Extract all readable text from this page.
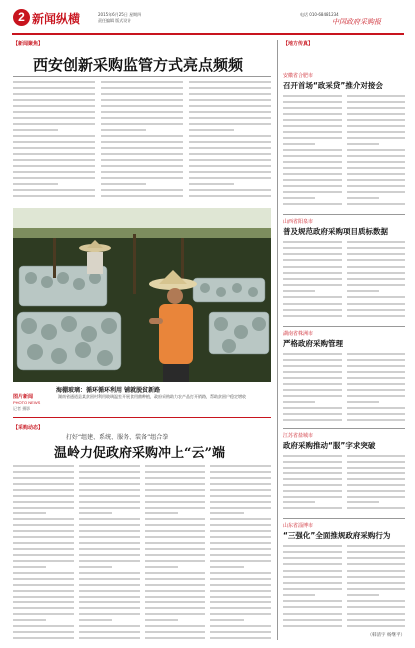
2 新闻纵横	2015年6月25日 星期四
责任编辑 版式设计
电话 010-68481234
中国政府采购报
【新闻聚焦】
西安创新采购监管方式亮点频频
海棚玻璃：循环循环利用 铺就脱贫新路
图片新闻
PHOTO NEWS
记者 摄影
湖南省通道县某贫困村利用玻璃温室开展食用菌种植，政府采购助力农产品打开销路，帮助贫困户稳定增收
【采购动态】
打好“组建、系统、服务、装备”组合拳
温岭力促政府采购冲上“云”端
【地方传真】
安徽省合肥市
召开首场“政采贷”推介对接会
山西省阳泉市
普及规范政府采购项目质标数据
湖南省株洲市
严格政府采购管理
江苏省盐城市
政府采购推动“服”字求突破
山东省淄博市
“三强化”全面推规政府采购行为
（韩清宇 杨继平）
